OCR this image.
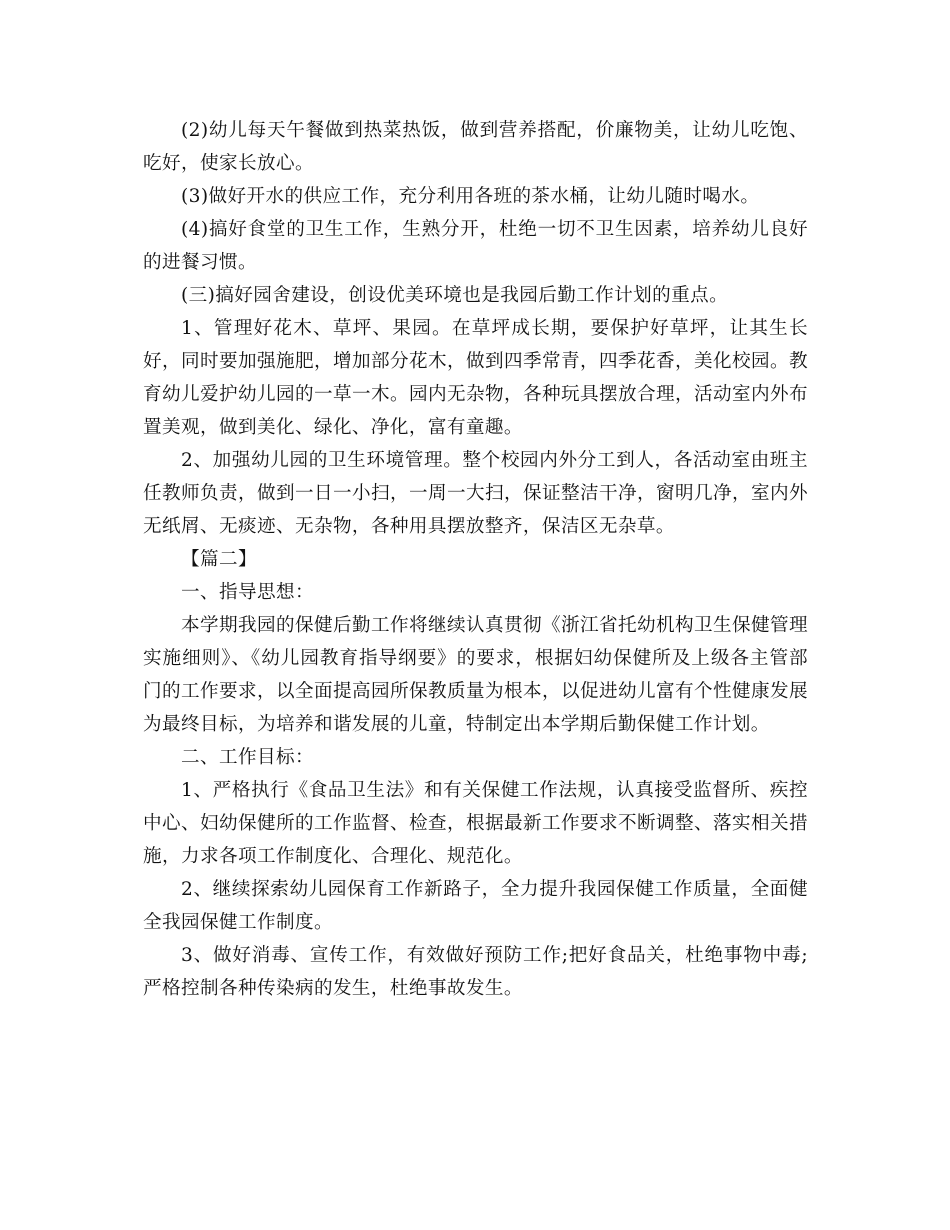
(2)幼儿每天午餐做到热菜热饭，做到营养搭配，价廉物美，让幼儿吃饱、吃好，使家长放心。

(3)做好开水的供应工作，充分利用各班的茶水桶，让幼儿随时喝水。

(4)搞好食堂的卫生工作，生熟分开，杜绝一切不卫生因素，培养幼儿良好的进餐习惯。

(三)搞好园舍建设，创设优美环境也是我园后勤工作计划的重点。

1、管理好花木、草坪、果园。在草坪成长期，要保护好草坪，让其生长好，同时要加强施肥，增加部分花木，做到四季常青，四季花香，美化校园。教育幼儿爱护幼儿园的一草一木。园内无杂物，各种玩具摆放合理，活动室内外布置美观，做到美化、绿化、净化，富有童趣。

2、加强幼儿园的卫生环境管理。整个校园内外分工到人，各活动室由班主任教师负责，做到一日一小扫，一周一大扫，保证整洁干净，窗明几净，室内外无纸屑、无痰迹、无杂物，各种用具摆放整齐，保洁区无杂草。

【篇二】

一、指导思想：

本学期我园的保健后勤工作将继续认真贯彻《浙江省托幼机构卫生保健管理实施细则》、《幼儿园教育指导纲要》的要求，根据妇幼保健所及上级各主管部门的工作要求，以全面提高园所保教质量为根本，以促进幼儿富有个性健康发展为最终目标，为培养和谐发展的儿童，特制定出本学期后勤保健工作计划。

二、工作目标：

1、严格执行《食品卫生法》和有关保健工作法规，认真接受监督所、疾控中心、妇幼保健所的工作监督、检查，根据最新工作要求不断调整、落实相关措施，力求各项工作制度化、合理化、规范化。

2、继续探索幼儿园保育工作新路子，全力提升我园保健工作质量，全面健全我园保健工作制度。

3、做好消毒、宣传工作，有效做好预防工作;把好食品关，杜绝事物中毒;严格控制各种传染病的发生，杜绝事故发生。
